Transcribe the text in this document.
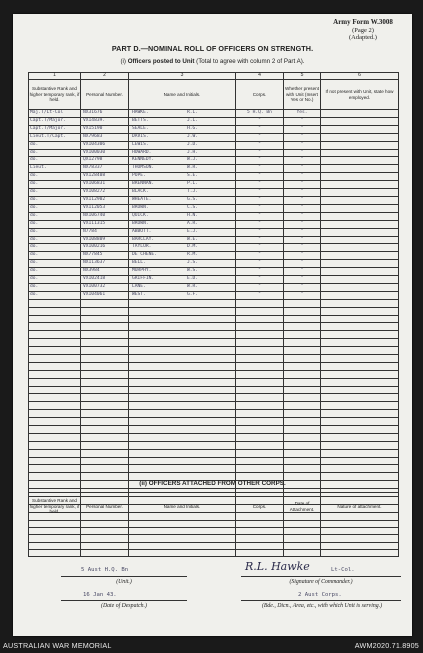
Army Form W.3008
(Page 2)
(Adapted.)
PART D.—NOMINAL ROLL OF OFFICERS ON STRENGTH.
(i) Officers posted to Unit (Total to agree with column 2 of Part A).
1	2	3	4	5	6
Substantive Rank and higher temporary rank, if held.	Personal Number.	Name and Initials.	Corps.	Whether present with Unit (Insert Yes or No.)	If not present with Unit, state how employed.
Maj.T/Lt-Col	NX31676	HAWKE. R.L.	5 H.Q. Bn	Yes.	
Capt.T/Major.	VX14839.	BETTS. J.L.	"	"	
Capt.T/Major.	VX15190	SEALE. H.G.	"	"	
Lieut.T/Capt.	NX79683	DAVIS. J.W.	"	"	
do.	VX104306	LEWIS. J.D.	"	"	
do.	VX100030	HOWARD. J.H.	"	"	
do.	QX12798	KENNEDY. W.J.	"	"	
Lieut.	NX78337	THOMSON. W.R.	"	"	
do.	VX128408	POPE. S.E.	"	"	
do.	VX106831	BRENNAN. P.L.	"	"	
do.	VX108272	BLACK. T.J.	"	"	
do.	VX112902	WHEATE. G.S.	"	"	
do.	VX112053	BROWN. C.S.	"	"	
do.	NX106740	QUICK. H.N.	"	"	
do.	VX111315	BROWN. A.R.	"	"	
do.	N7784	ABBOTT. E.J.	"	"	
do.	VX108809	BARCLAY. W.E.	"	"	
do.	VX100216	TAYLOR. D.M.	"	"	
do.	NX77845	DE CHENE. R.M.	"	"	
do.	NX113637	BELL. J.S.	"	"	
do.	NX3984	MURPHY. W.S.	"	"	
do.	VX102418	GRIFFIN. E.D.	"	"	
do.	VX100732	LANE. W.R.	"	"	
do.	VX104061	WEST. G.F.	"	"	

(ii) OFFICERS ATTACHED FROM OTHER CORPS.
Substantive Rank and higher temporary rank, if held.	Personal Number.	Name and Initials.	Corps.	Date of Attachment.	Nature of attachment.

5 Aust H.Q. Bn
(Unit.)
R.L. Hawke	Lt-Col.
(Signature of Commander.)
16 Jan 43.
(Date of Despatch.)
2 Aust Corps.
(Bde., Dicn., Area, etc., with which Unit is serving.)
AUSTRALIAN WAR MEMORIAL	AWM2020.71.8905
